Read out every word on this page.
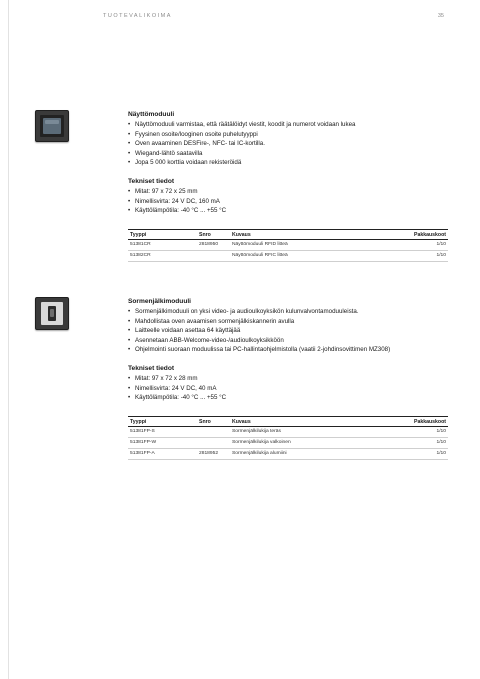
TUOTEVALIKOIMA	35
Näyttömoduuli
• Näyttömoduuli varmistaa, että räätälöidyt viestit, koodit ja numerot voidaan lukea
• Fyysinen osoite/looginen osoite puhelutyyppi
• Oven avaaminen DESFire-, NFC- tai IC-kortilla.
• Wiegand-lähtö saatavilla
• Jopa 5 000 korttia voidaan rekisteröidä
Tekniset tiedot
• Mitat: 97 x 72 x 25 mm
• Nimellisvirta: 24 V DC, 160 mA
• Käyttölämpötila: -40 °C ... +55 °C
Tyyppi	Snro	Kuvaus	Pakkauskoot
51381CR	2818950	Näyttömoduuli RFID litteä	1/10
51382CR		Näyttömoduuli RFIC litteä	1/10
Sormenjälkimoduuli
• Sormenjälkimoduuli on yksi video- ja audioulkoyksikön kulunvalvontamoduuleista.
• Mahdollistaa oven avaamisen sormenjälkiskannerin avulla
• Laitteelle voidaan asettaa 64 käyttäjää
• Asennetaan ABB-Welcome-video-/audioulkoyksikköön
• Ohjelmointi suoraan moduulissa tai PC-hallintaohjelmistolla (vaatii 2-johdinsovittimen MZ308)
Tekniset tiedot
• Mitat: 97 x 72 x 28 mm
• Nimellisvirta: 24 V DC, 40 mA
• Käyttölämpötila: -40 °C ... +55 °C
Tyyppi	Snro	Kuvaus	Pakkauskoot
51381FP-S		Sormenjälkilukija teräs	1/10
51381FP-W		Sormenjälkilukija valkoinen	1/10
51381FP-A	2818952	Sormenjälkilukija alumiini	1/10
